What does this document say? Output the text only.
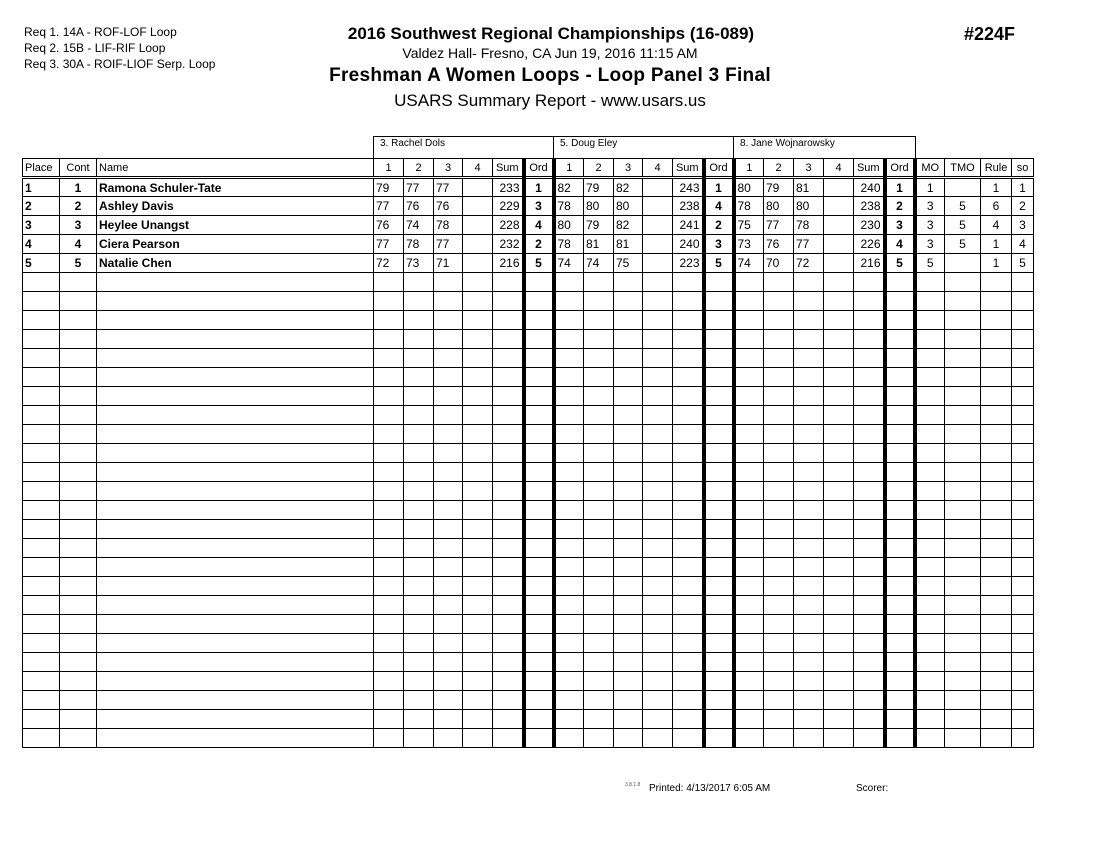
Req 1. 14A - ROF-LOF Loop
Req 2. 15B - LIF-RIF Loop
Req 3. 30A - ROIF-LIOF Serp. Loop
2016 Southwest Regional Championships (16-089)
Valdez Hall- Fresno, CA Jun 19, 2016 11:15 AM
Freshman A Women Loops - Loop Panel 3 Final
USARS Summary Report - www.usars.us
#224F
3. Rachel Dols	5. Doug Eley	8. Jane Wojnarowsky
Place	Cont	Name	1	2	3	4	Sum	Ord	1	2	3	4	Sum	Ord	1	2	3	4	Sum	Ord	MO	TMO	Rule	so
1	1	Ramona Schuler-Tate	79	77	77		233	1	82	79	82		243	1	80	79	81		240	1	1		1	1
2	2	Ashley Davis	77	76	76		229	3	78	80	80		238	4	78	80	80		238	2	3	5	6	2
3	3	Heylee Unangst	76	74	78		228	4	80	79	82		241	2	75	77	78		230	3	3	5	4	3
4	4	Ciera Pearson	77	78	77		232	2	78	81	81		240	3	73	76	77		226	4	3	5	1	4
5	5	Natalie Chen	72	73	71		216	5	74	74	75		223	5	74	70	72		216	5	5		1	5

3.8.1.8 Printed: 4/13/2017 6:05 AM	Scorer:
